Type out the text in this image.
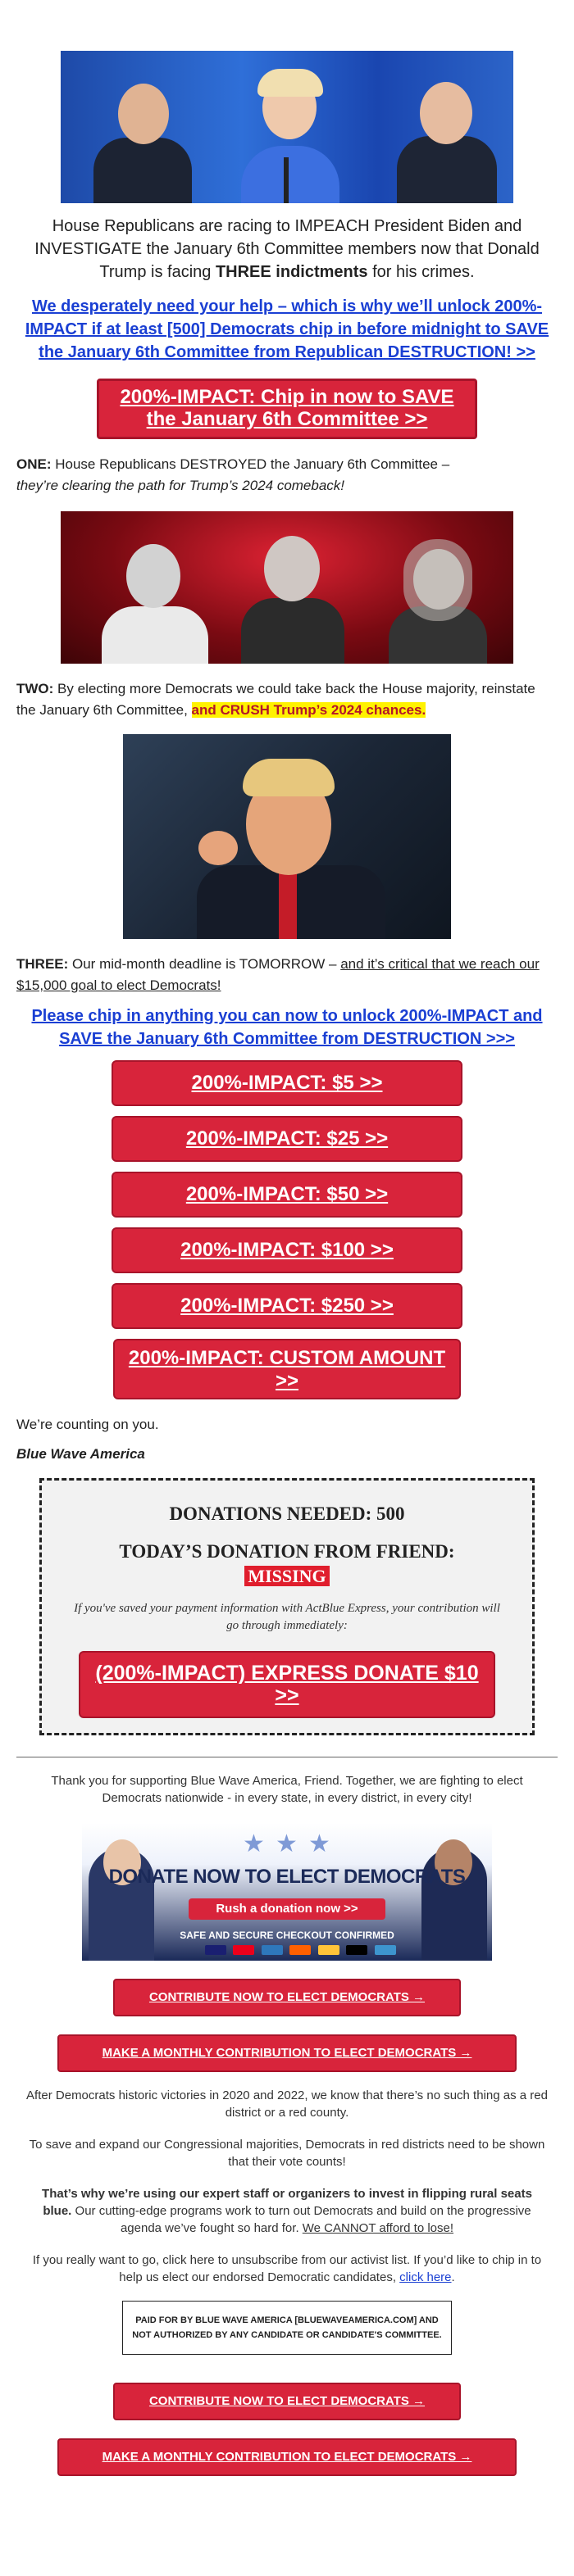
House Republicans are racing to IMPEACH President Biden and INVESTIGATE the January 6th Committee members now that Donald Trump is facing THREE indictments for his crimes.

We desperately need your help – which is why we’ll unlock 200%-IMPACT if at least [500] Democrats chip in before midnight to SAVE the January 6th Committee from Republican DESTRUCTION! >>
200%-IMPACT: Chip in now to SAVE the January 6th Committee >>

ONE: House Republicans DESTROYED the January 6th Committee –
they’re clearing the path for Trump’s 2024 comeback!

TWO: By electing more Democrats we could take back the House majority, reinstate the January 6th Committee, and CRUSH Trump’s 2024 chances.

THREE: Our mid-month deadline is TOMORROW – and it’s critical that we reach our $15,000 goal to elect Democrats!

Please chip in anything you can now to unlock 200%-IMPACT and SAVE the January 6th Committee from DESTRUCTION >>>
200%-IMPACT: $5 >>
200%-IMPACT: $25 >>
200%-IMPACT: $50 >>
200%-IMPACT: $100 >>
200%-IMPACT: $250 >>
200%-IMPACT: CUSTOM AMOUNT >>

We’re counting on you.

Blue Wave America

DONATIONS NEEDED: 500
TODAY’S DONATION FROM FRIEND:
MISSING

If you've saved your payment information with ActBlue Express, your contribution will go through immediately:

(200%-IMPACT) EXPRESS DONATE $10 >>

Thank you for supporting Blue Wave America, Friend. Together, we are fighting to elect Democrats nationwide - in every state, in every district, in every city!

★ ★ ★
DONATE NOW TO ELECT DEMOCRATS
Rush a donation now >>
SAFE AND SECURE CHECKOUT CONFIRMED

CONTRIBUTE NOW TO ELECT DEMOCRATS →
MAKE A MONTHLY CONTRIBUTION TO ELECT DEMOCRATS →

After Democrats historic victories in 2020 and 2022, we know that there’s no such thing as a red district or a red county.

To save and expand our Congressional majorities, Democrats in red districts need to be shown that their vote counts!

That’s why we’re using our expert staff or organizers to invest in flipping rural seats blue. Our cutting-edge programs work to turn out Democrats and build on the progressive agenda we’ve fought so hard for. We CANNOT afford to lose!

If you really want to go, click here to unsubscribe from our activist list. If you’d like to chip in to help us elect our endorsed Democratic candidates, click here.

PAID FOR BY BLUE WAVE AMERICA [BLUEWAVEAMERICA.COM] AND NOT AUTHORIZED BY ANY CANDIDATE OR CANDIDATE'S COMMITTEE.
CONTRIBUTE NOW TO ELECT DEMOCRATS →
MAKE A MONTHLY CONTRIBUTION TO ELECT DEMOCRATS →
